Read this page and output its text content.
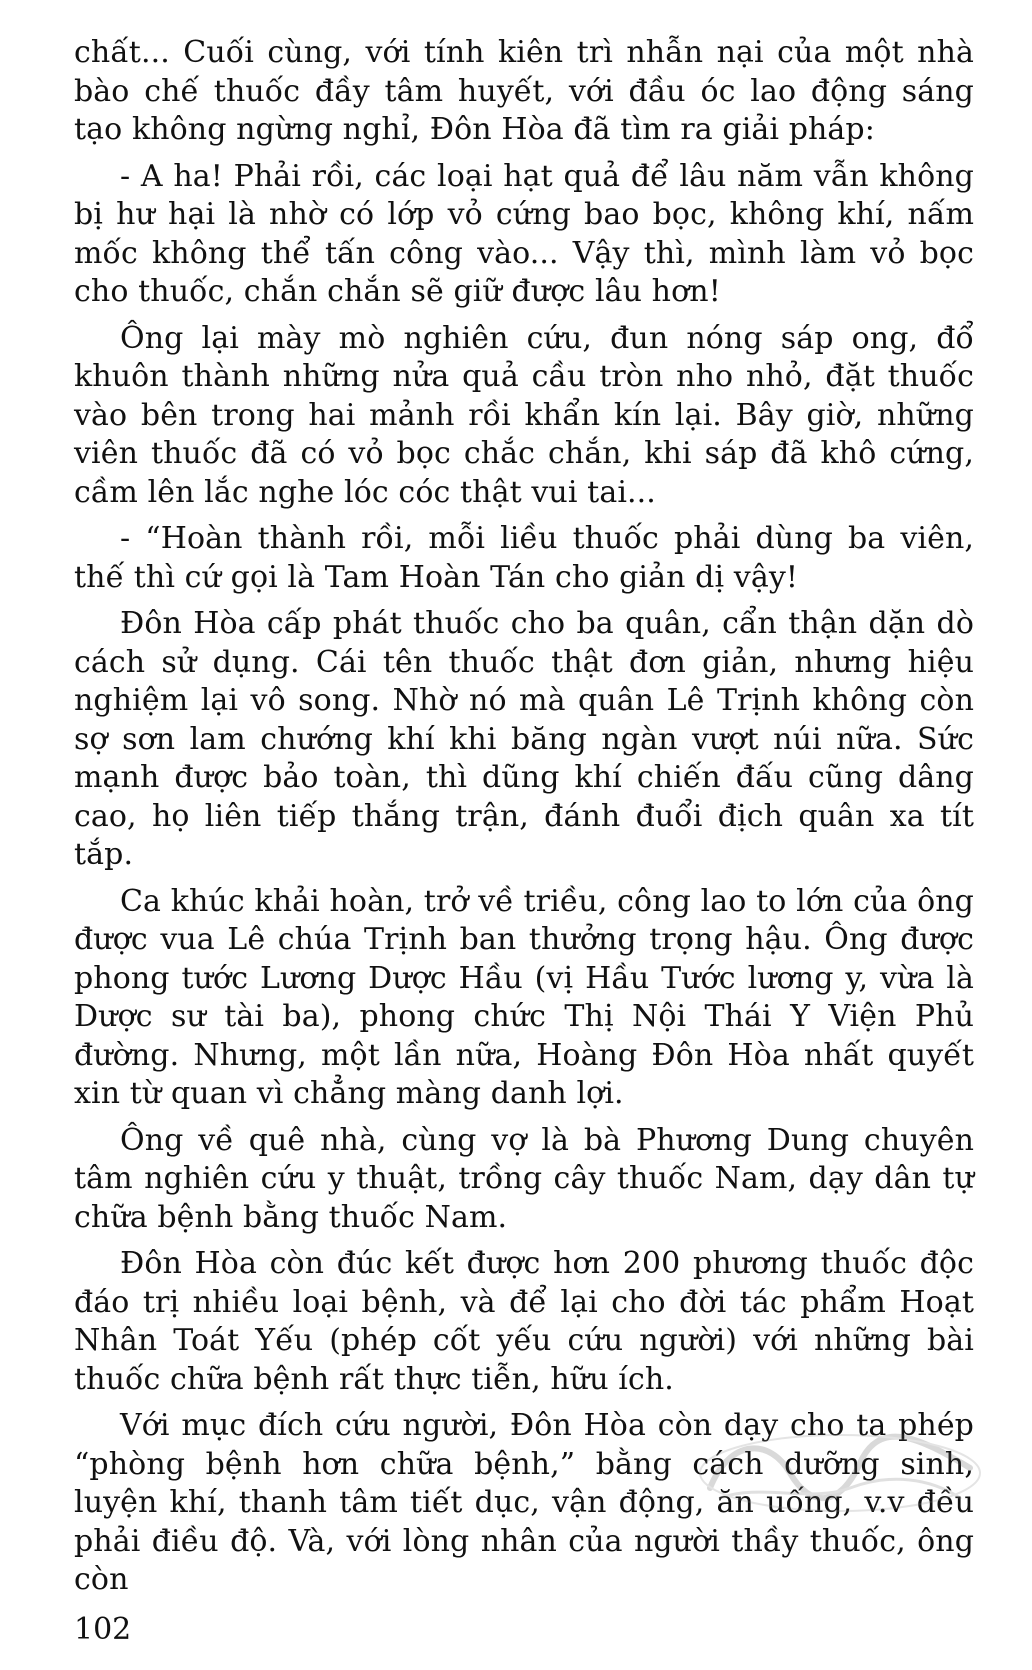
chất... Cuối cùng, với tính kiên trì nhẫn nại của một nhà bào chế thuốc đầy tâm huyết, với đầu óc lao động sáng tạo không ngừng nghỉ, Đôn Hòa đã tìm ra giải pháp:

- A ha! Phải rồi, các loại hạt quả để lâu năm vẫn không bị hư hại là nhờ có lớp vỏ cứng bao bọc, không khí, nấm mốc không thể tấn công vào... Vậy thì, mình làm vỏ bọc cho thuốc, chắn chắn sẽ giữ được lâu hơn!

Ông lại mày mò nghiên cứu, đun nóng sáp ong, đổ khuôn thành những nửa quả cầu tròn nho nhỏ, đặt thuốc vào bên trong hai mảnh rồi khẩn kín lại. Bây giờ, những viên thuốc đã có vỏ bọc chắc chắn, khi sáp đã khô cứng, cầm lên lắc nghe lóc cóc thật vui tai...

- “Hoàn thành rồi, mỗi liều thuốc phải dùng ba viên, thế thì cứ gọi là Tam Hoàn Tán cho giản dị vậy!

Đôn Hòa cấp phát thuốc cho ba quân, cẩn thận dặn dò cách sử dụng. Cái tên thuốc thật đơn giản, nhưng hiệu nghiệm lại vô song. Nhờ nó mà quân Lê Trịnh không còn sợ sơn lam chướng khí khi băng ngàn vượt núi nữa. Sức mạnh được bảo toàn, thì dũng khí chiến đấu cũng dâng cao, họ liên tiếp thắng trận, đánh đuổi địch quân xa tít tắp.

Ca khúc khải hoàn, trở về triều, công lao to lớn của ông được vua Lê chúa Trịnh ban thưởng trọng hậu. Ông được phong tước Lương Dược Hầu (vị Hầu Tước lương y, vừa là Dược sư tài ba), phong chức Thị Nội Thái Y Viện Phủ đường. Nhưng, một lần nữa, Hoàng Đôn Hòa nhất quyết xin từ quan vì chẳng màng danh lợi.

Ông về quê nhà, cùng vợ là bà Phương Dung chuyên tâm nghiên cứu y thuật, trồng cây thuốc Nam, dạy dân tự chữa bệnh bằng thuốc Nam.

Đôn Hòa còn đúc kết được hơn 200 phương thuốc độc đáo trị nhiều loại bệnh, và để lại cho đời tác phẩm Hoạt Nhân Toát Yếu (phép cốt yếu cứu người) với những bài thuốc chữa bệnh rất thực tiễn, hữu ích.

Với mục đích cứu người, Đôn Hòa còn dạy cho ta phép “phòng bệnh hơn chữa bệnh,” bằng cách dưỡng sinh, luyện khí, thanh tâm tiết dục, vận động, ăn uống, v.v đều phải điều độ. Và, với lòng nhân của người thầy thuốc, ông còn

102
